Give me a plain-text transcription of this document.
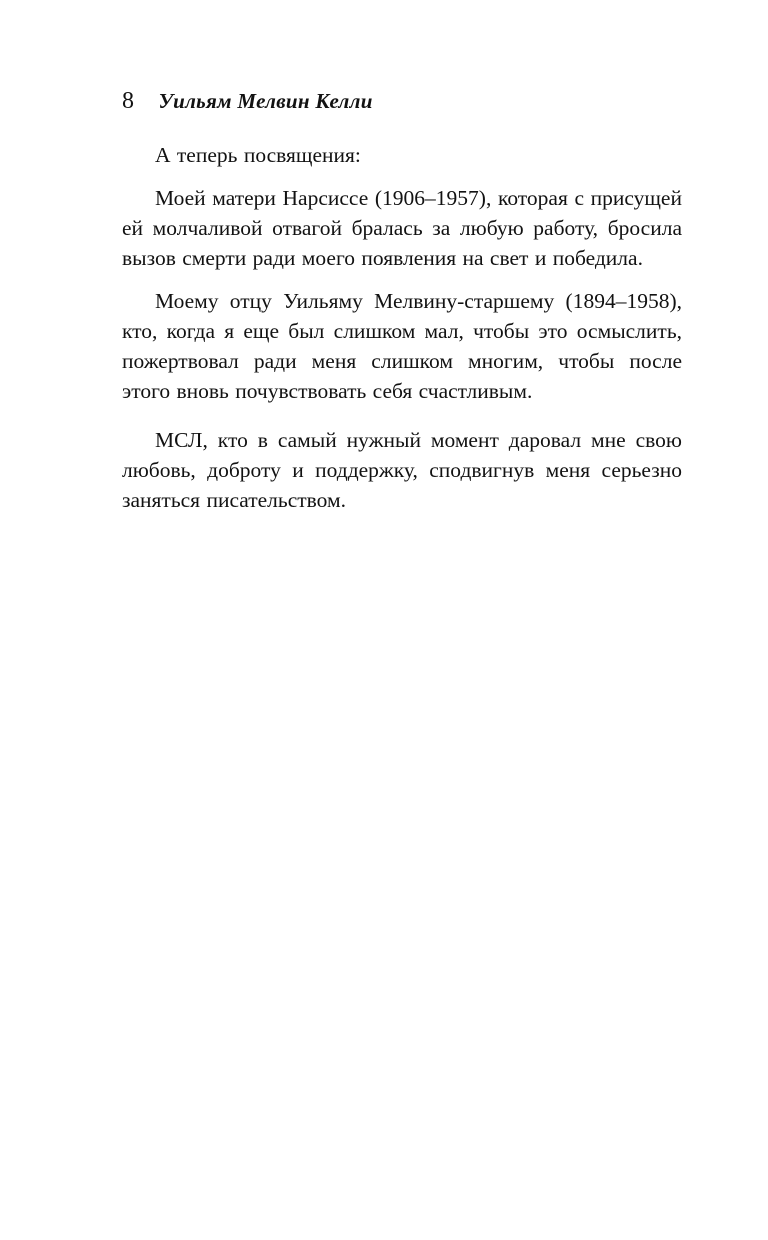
8 Уильям Мелвин Келли

А теперь посвящения:

Моей матери Нарсиссе (1906–1957), которая с присущей ей молчаливой отвагой бралась за любую работу, бросила вызов смерти ради моего появления на свет и победила.

Моему отцу Уильяму Мелвину-старшему (1894–1958), кто, когда я еще был слишком мал, чтобы это осмыслить, пожертвовал ради меня слишком многим, чтобы после этого вновь почувствовать себя счастливым.

МСЛ, кто в самый нужный момент даровал мне свою любовь, доброту и поддержку, сподвигнув меня серьезно заняться писательством.
